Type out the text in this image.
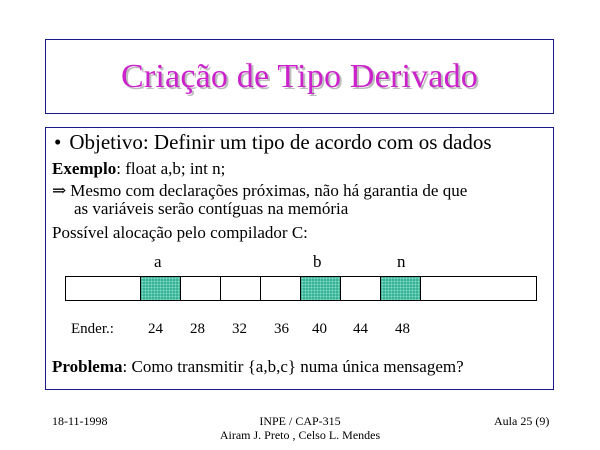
Criação de Tipo Derivado
• Objetivo: Definir um tipo de acordo com os dados
Exemplo: float a,b; int n;
⇒ Mesmo com declarações próximas, não há garantia de que
as variáveis serão contíguas na memória
Possível alocação pelo compilador C:
a	b	n
Ender.: 24 28 32 36 40 44 48
Problema: Como transmitir {a,b,c} numa única mensagem?
18-11-1998	INPE / CAP-315
Airam J. Preto , Celso L. Mendes
Aula 25 (9)
